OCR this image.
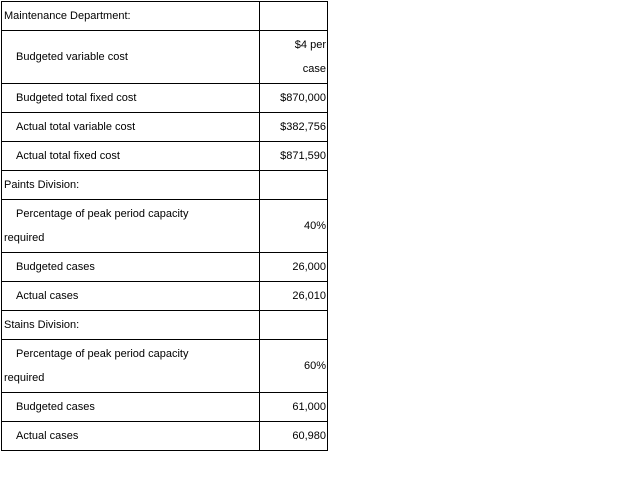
Maintenance Department:	
Budgeted variable cost	$4 per
case

Budgeted total fixed cost	$870,000
Actual total variable cost	$382,756
Actual total fixed cost	$871,590
Paints Division:	

Percentage of peak period capacity
required	40%
Budgeted cases	26,000
Actual cases	26,010
Stains Division:	

Percentage of peak period capacity
required	60%
Budgeted cases	61,000
Actual cases	60,980
